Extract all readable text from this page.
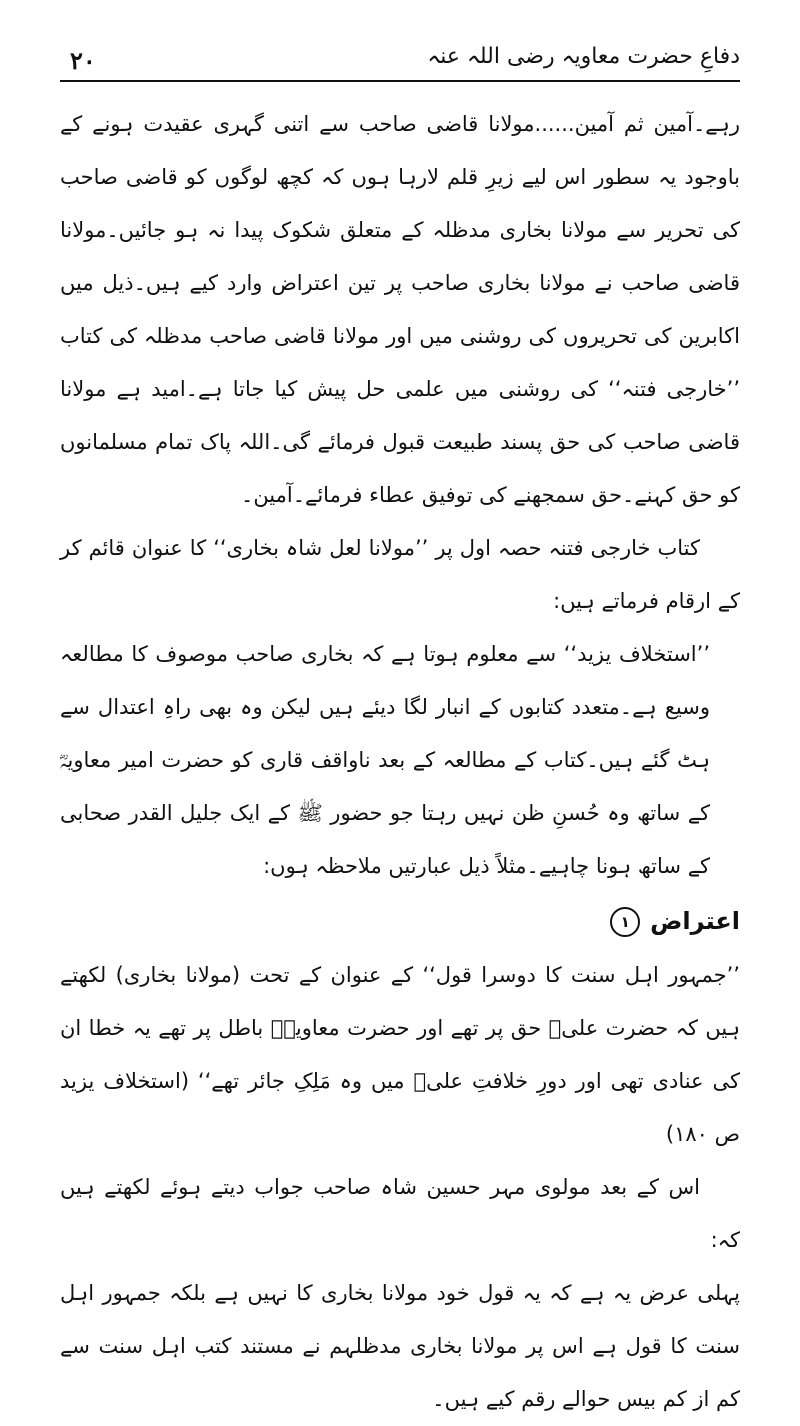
۲۰	دفاعِ حضرت معاویہ رضی اللہ عنہ

رہے۔آمین ثم آمین......مولانا قاضی صاحب سے اتنی گہری عقیدت ہونے کے باوجود یہ سطور اس لیے زیرِ قلم لارہا ہوں کہ کچھ لوگوں کو قاضی صاحب کی تحریر سے مولانا بخاری مدظلہ کے متعلق شکوک پیدا نہ ہو جائیں۔مولانا قاضی صاحب نے مولانا بخاری صاحب پر تین اعتراض وارد کیے ہیں۔ذیل میں اکابرین کی تحریروں کی روشنی میں اور مولانا قاضی صاحب مدظلہ کی کتاب ’’خارجی فتنہ‘‘ کی روشنی میں علمی حل پیش کیا جاتا ہے۔امید ہے مولانا قاضی صاحب کی حق پسند طبیعت قبول فرمائے گی۔اللہ پاک تمام مسلمانوں کو حق کہنے۔حق سمجھنے کی توفیق عطاء فرمائے۔آمین۔

کتاب خارجی فتنہ حصہ اول پر ’’مولانا لعل شاہ بخاری‘‘ کا عنوان قائم کر کے ارقام فرماتے ہیں:

’’استخلاف یزید‘‘ سے معلوم ہوتا ہے کہ بخاری صاحب موصوف کا مطالعہ وسیع ہے۔متعدد کتابوں کے انبار لگا دیئے ہیں لیکن وہ بھی راہِ اعتدال سے ہٹ گئے ہیں۔کتاب کے مطالعہ کے بعد ناواقف قاری کو حضرت امیر معاویہؓ کے ساتھ وہ حُسنِ ظن نہیں رہتا جو حضور ﷺ کے ایک جلیل القدر صحابی کے ساتھ ہونا چاہیے۔مثلاً ذیل عبارتیں ملاحظہ ہوں:

اعتراض۱

’’جمہور اہل سنت کا دوسرا قول‘‘ کے عنوان کے تحت (مولانا بخاری) لکھتے ہیں کہ حضرت علیؓ حق پر تھے اور حضرت معاویہؓ باطل پر تھے یہ خطا ان کی عنادی تھی اور دورِ خلافتِ علیؓ میں وہ مَلِکِ جائر تھے‘‘ (استخلاف یزید ص ۱۸۰)

اس کے بعد مولوی مہر حسین شاہ صاحب جواب دیتے ہوئے لکھتے ہیں کہ:

پہلی عرض یہ ہے کہ یہ قول خود مولانا بخاری کا نہیں ہے بلکہ جمہور اہل سنت کا قول ہے اس پر مولانا بخاری مدظلہم نے مستند کتب اہل سنت سے کم از کم بیس حوالے رقم کیے ہیں۔
